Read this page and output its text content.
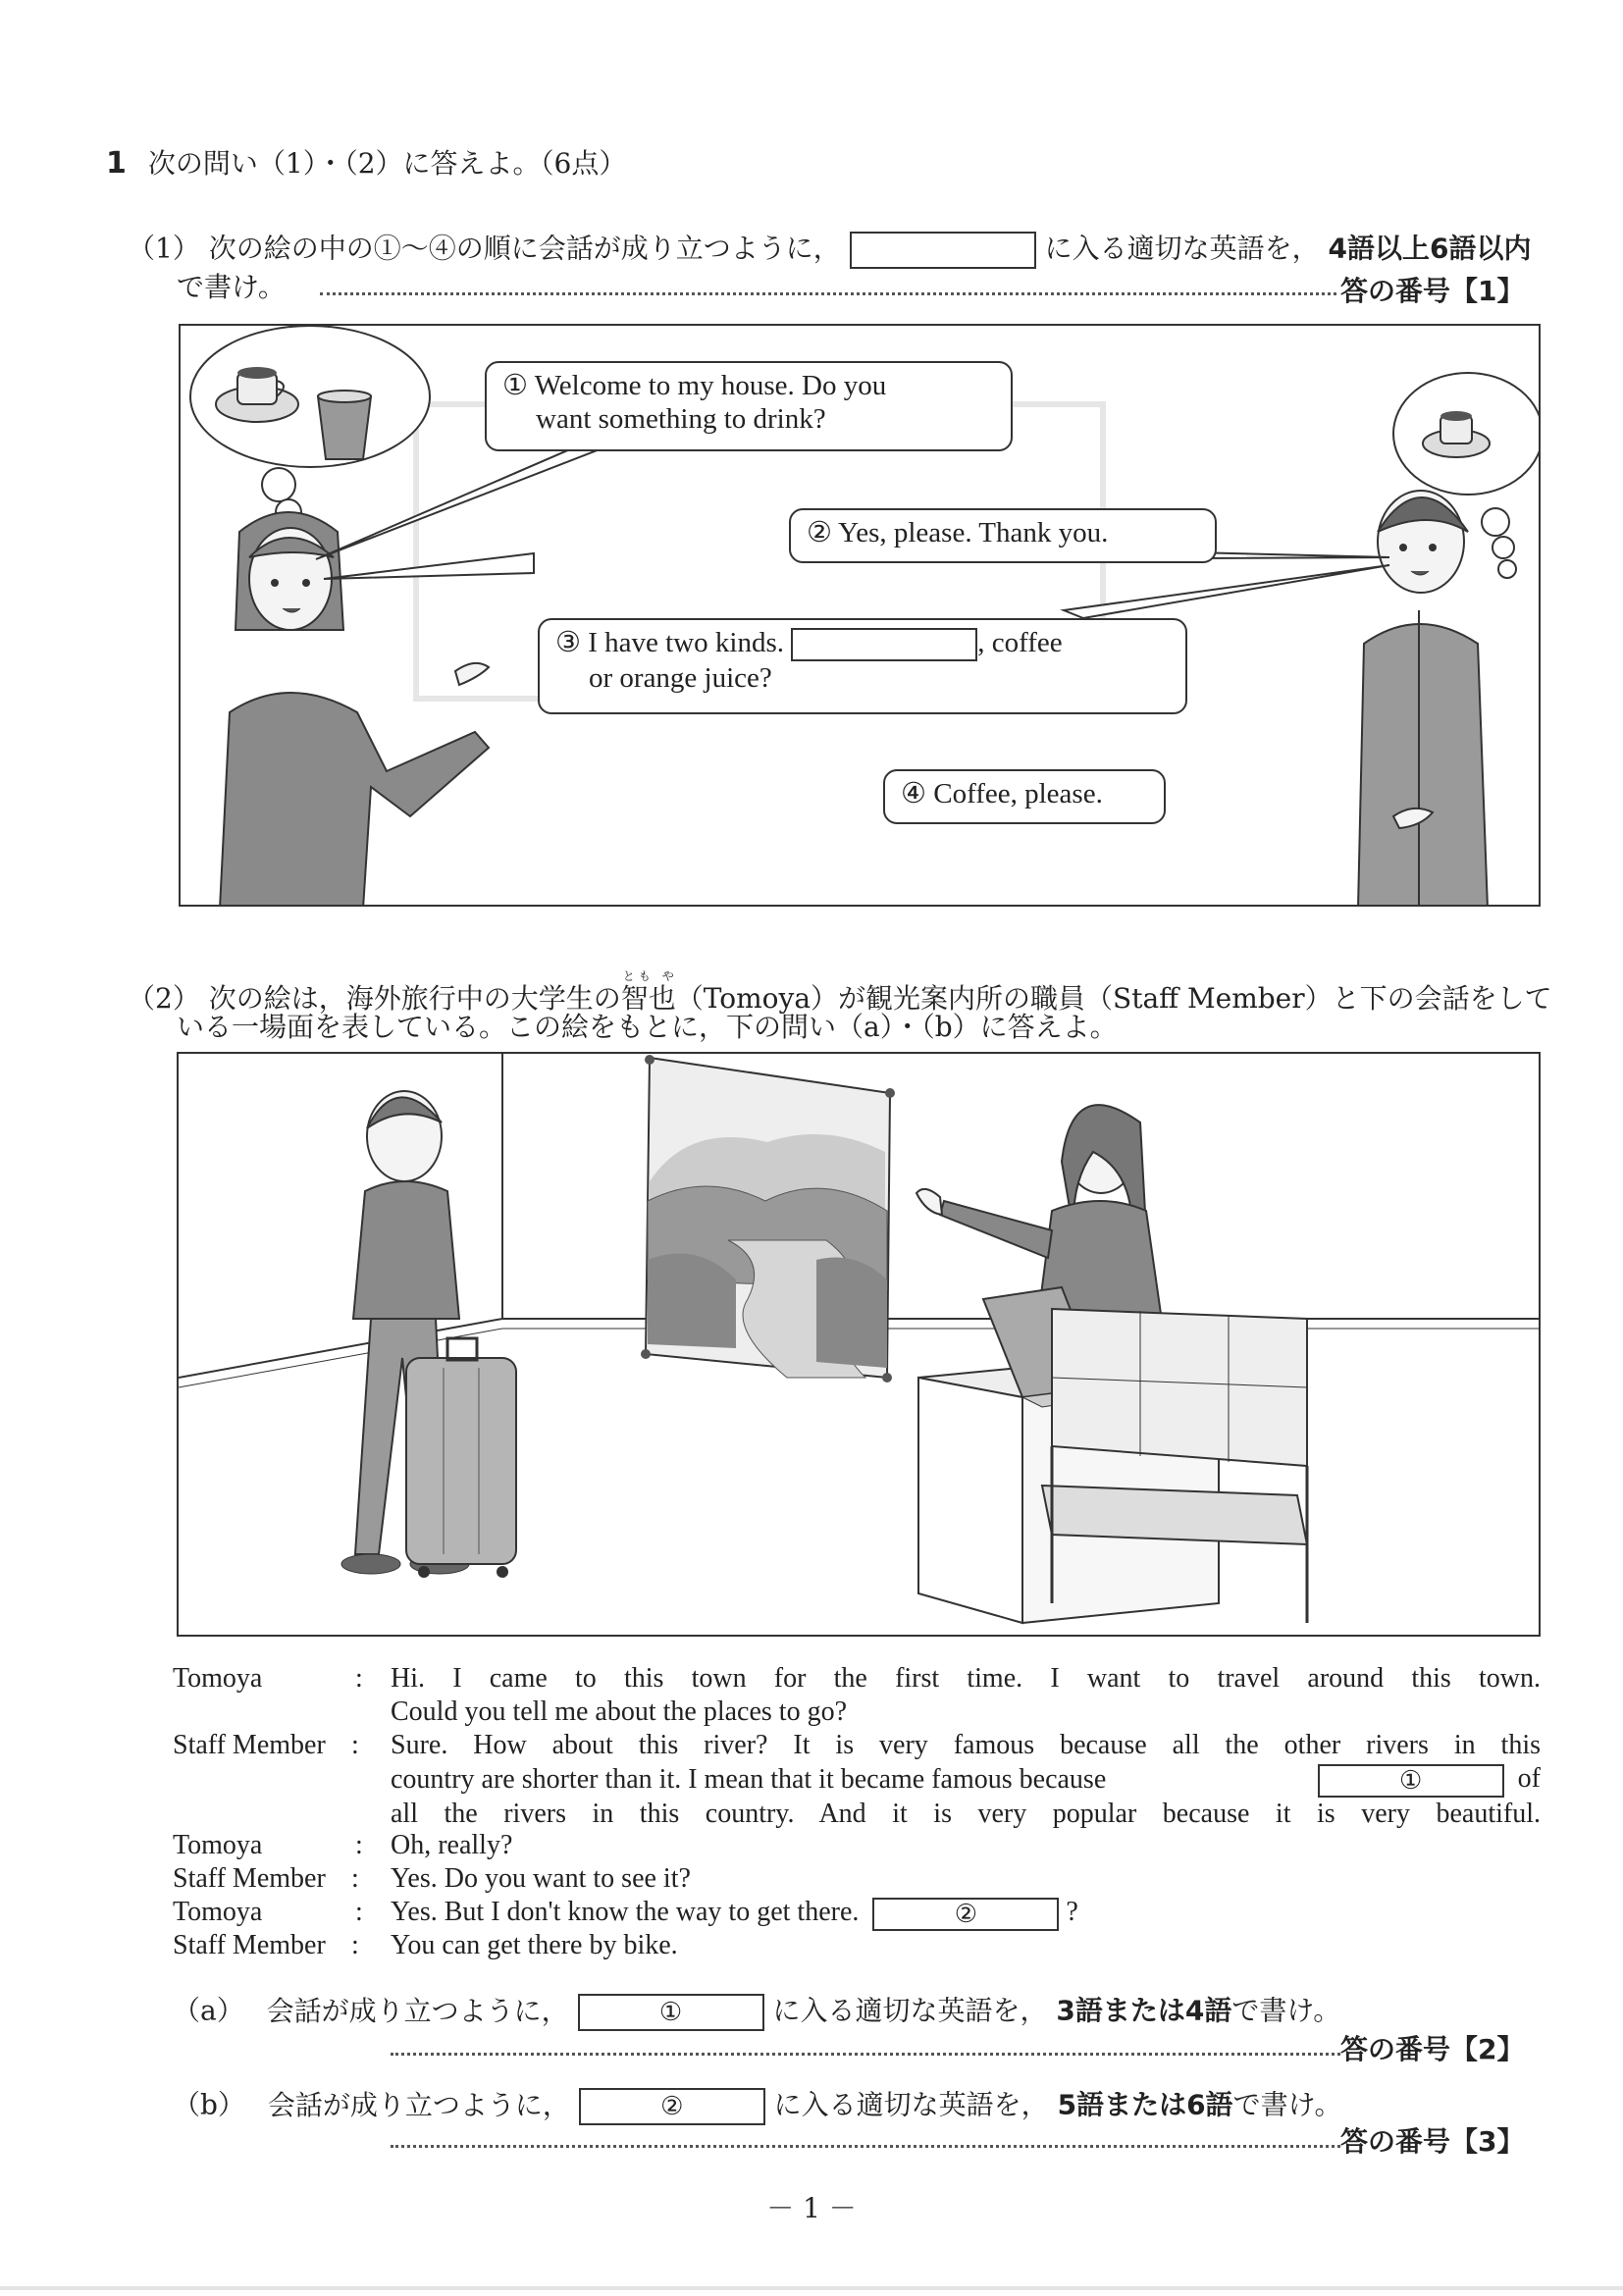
1 次の問い（1）・（2）に答えよ。（6点）
（1） 次の絵の中の①～④の順に会話が成り立つように，	に入る適切な英語を， 4語以上6語以内
で書け。	答の番号【1】
① Welcome to my house. Do you
want something to drink?
② Yes, please. Thank you.
③ I have two kinds.	, coffee
or orange juice?
④ Coffee, please.
（2） 次の絵は，海外旅行中の大学生の智也とも や（Tomoya）が観光案内所の職員（Staff Member）と下の会話をして
いる一場面を表している。この絵をもとに，下の問い（a）・（b）に答えよ。
Tomoya	: Hi. I came to this town for the first time. I want to travel around this town.
Could you tell me about the places to go?
Staff Member : Sure. How about this river? It is very famous because all the other rivers in this
country are shorter than it. I mean that it became famous because	①	of
all the rivers in this country. And it is very popular because it is very beautiful.
Tomoya	: Oh, really?
Staff Member : Yes. Do you want to see it?
Tomoya	: Yes. But I don't know the way to get there.	②	?
Staff Member : You can get there by bike.
（a） 会話が成り立つように，	①	に入る適切な英語を， 3語または4語で書け。
答の番号【2】
（b） 会話が成り立つように，	②	に入る適切な英語を， 5語または6語で書け。
答の番号【3】
－ 1 －
